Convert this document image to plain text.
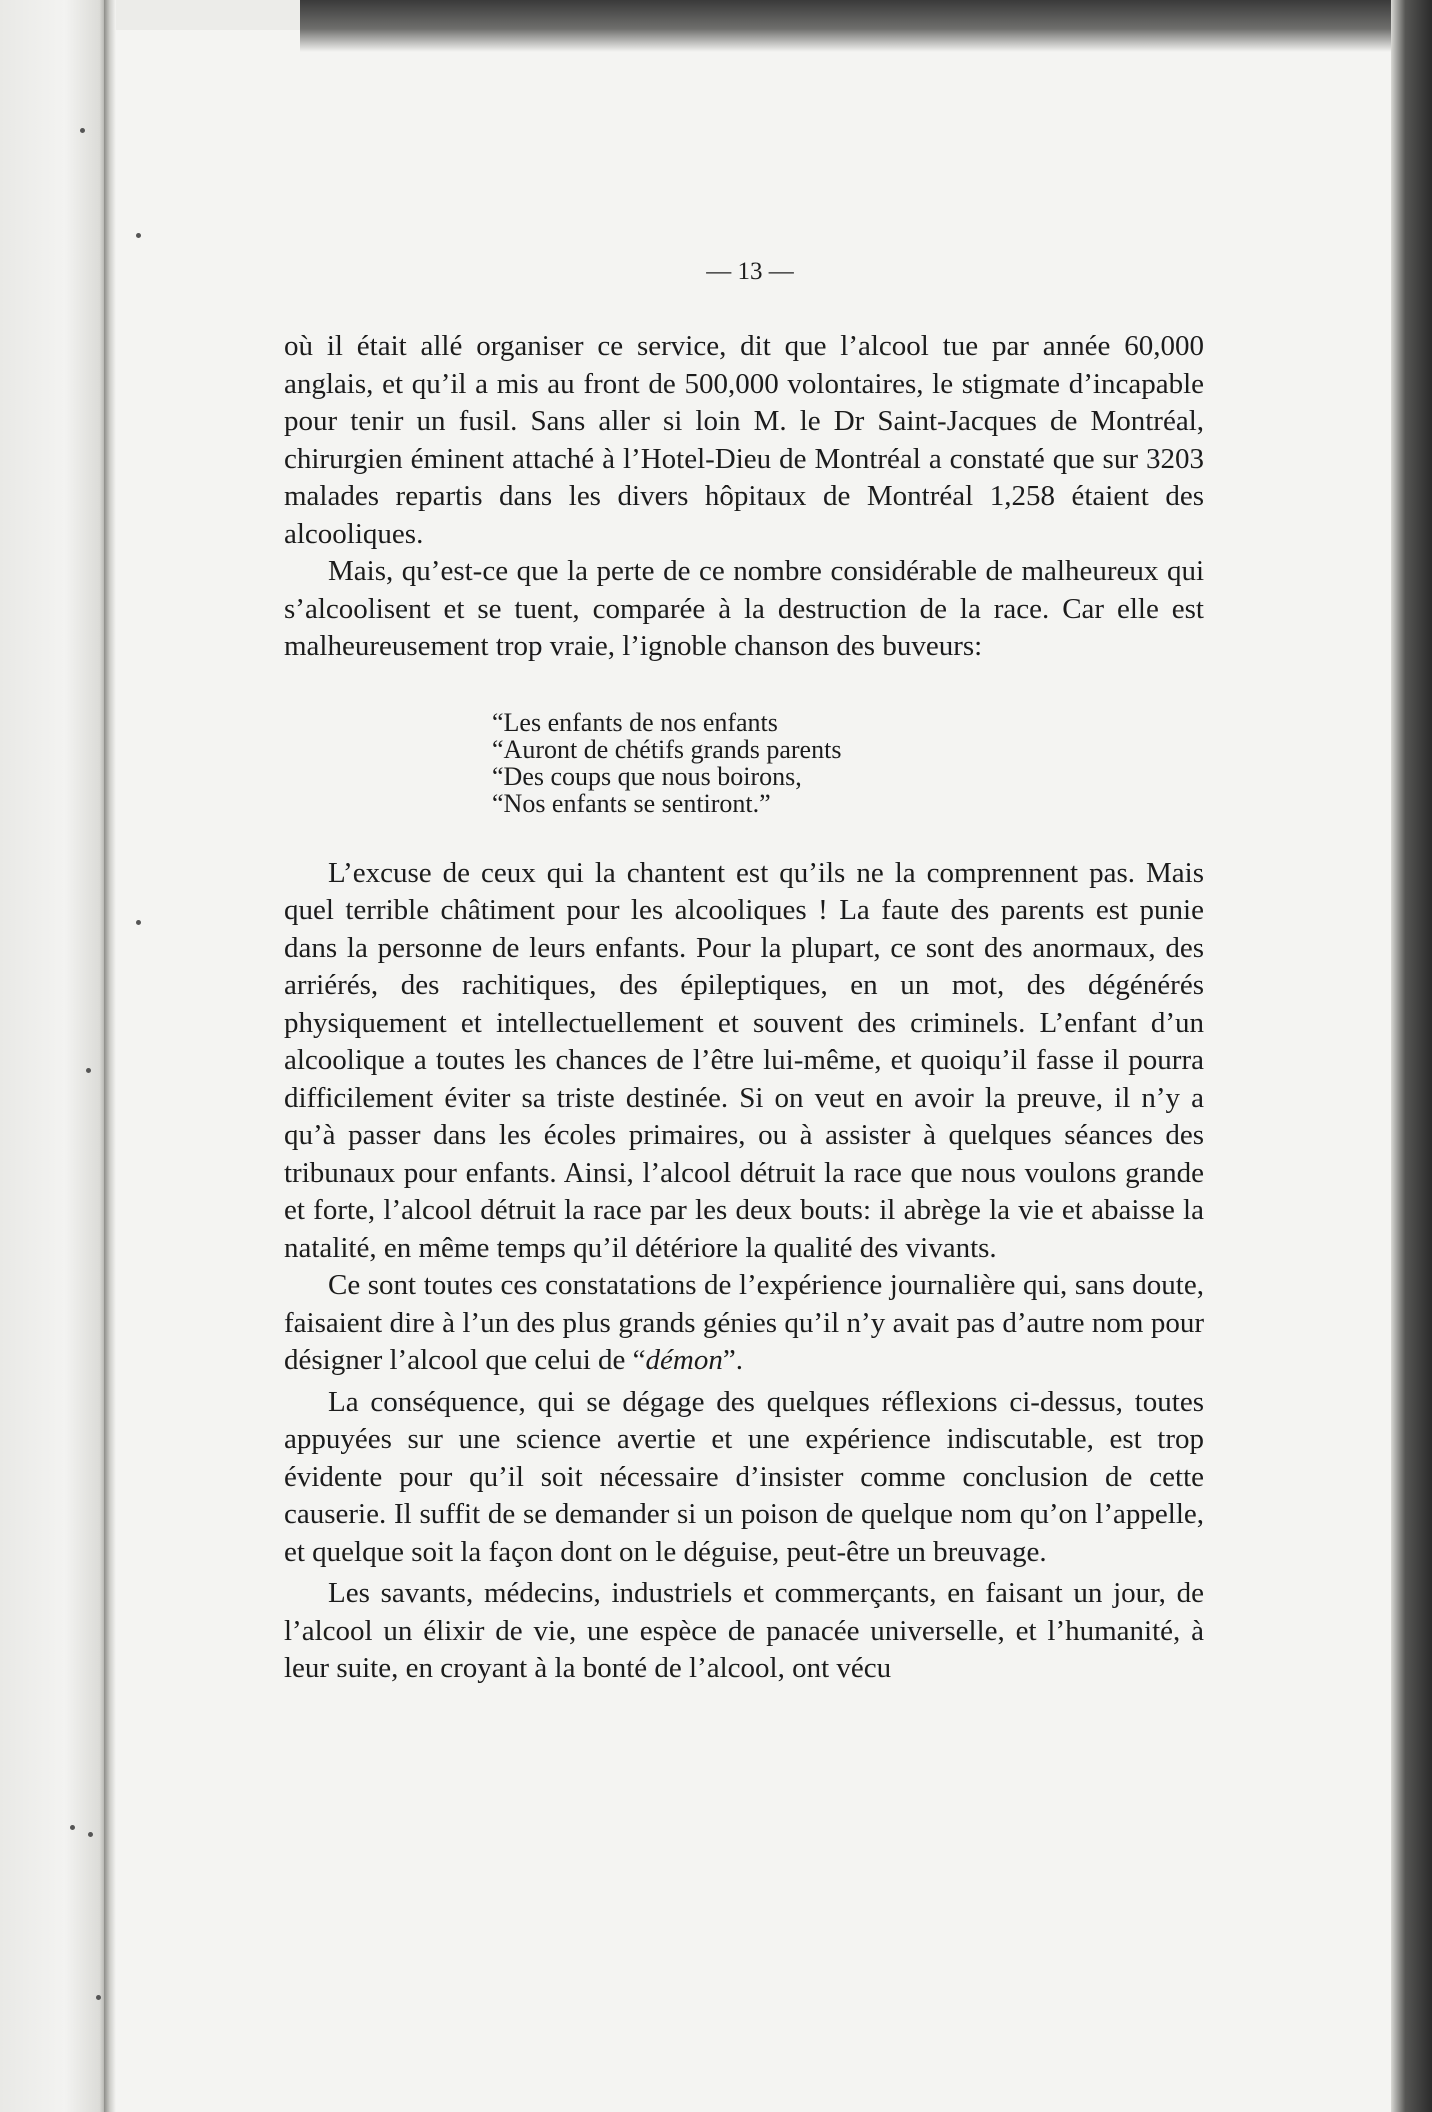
— 13 —

où il était allé organiser ce service, dit que l’alcool tue par année 60,000 anglais, et qu’il a mis au front de 500,000 volontaires, le stigmate d’incapable pour tenir un fusil. Sans aller si loin M. le Dr Saint-Jacques de Montréal, chirurgien éminent attaché à l’Hotel-Dieu de Montréal a constaté que sur 3203 malades repartis dans les divers hôpitaux de Montréal 1,258 étaient des alcooliques.

Mais, qu’est-ce que la perte de ce nombre considérable de malheureux qui s’alcoolisent et se tuent, comparée à la destruction de la race. Car elle est malheureusement trop vraie, l’ignoble chanson des buveurs:

“Les enfants de nos enfants
“Auront de chétifs grands parents
“Des coups que nous boirons,
“Nos enfants se sentiront.”

L’excuse de ceux qui la chantent est qu’ils ne la comprennent pas. Mais quel terrible châtiment pour les alcooliques ! La faute des parents est punie dans la personne de leurs enfants. Pour la plupart, ce sont des anormaux, des arriérés, des rachitiques, des épileptiques, en un mot, des dégénérés physiquement et intellectuellement et souvent des criminels. L’enfant d’un alcoolique a toutes les chances de l’être lui-même, et quoiqu’il fasse il pourra difficilement éviter sa triste destinée. Si on veut en avoir la preuve, il n’y a qu’à passer dans les écoles primaires, ou à assister à quelques séances des tribunaux pour enfants. Ainsi, l’alcool détruit la race que nous voulons grande et forte, l’alcool détruit la race par les deux bouts: il abrège la vie et abaisse la natalité, en même temps qu’il détériore la qualité des vivants.

Ce sont toutes ces constatations de l’expérience journalière qui, sans doute, faisaient dire à l’un des plus grands génies qu’il n’y avait pas d’autre nom pour désigner l’alcool que celui de “démon”.

La conséquence, qui se dégage des quelques réflexions ci-dessus, toutes appuyées sur une science avertie et une expérience indiscutable, est trop évidente pour qu’il soit nécessaire d’insister comme conclusion de cette causerie. Il suffit de se demander si un poison de quelque nom qu’on l’appelle, et quelque soit la façon dont on le déguise, peut-être un breuvage.

Les savants, médecins, industriels et commerçants, en faisant un jour, de l’alcool un élixir de vie, une espèce de panacée universelle, et l’humanité, à leur suite, en croyant à la bonté de l’alcool, ont vécu
